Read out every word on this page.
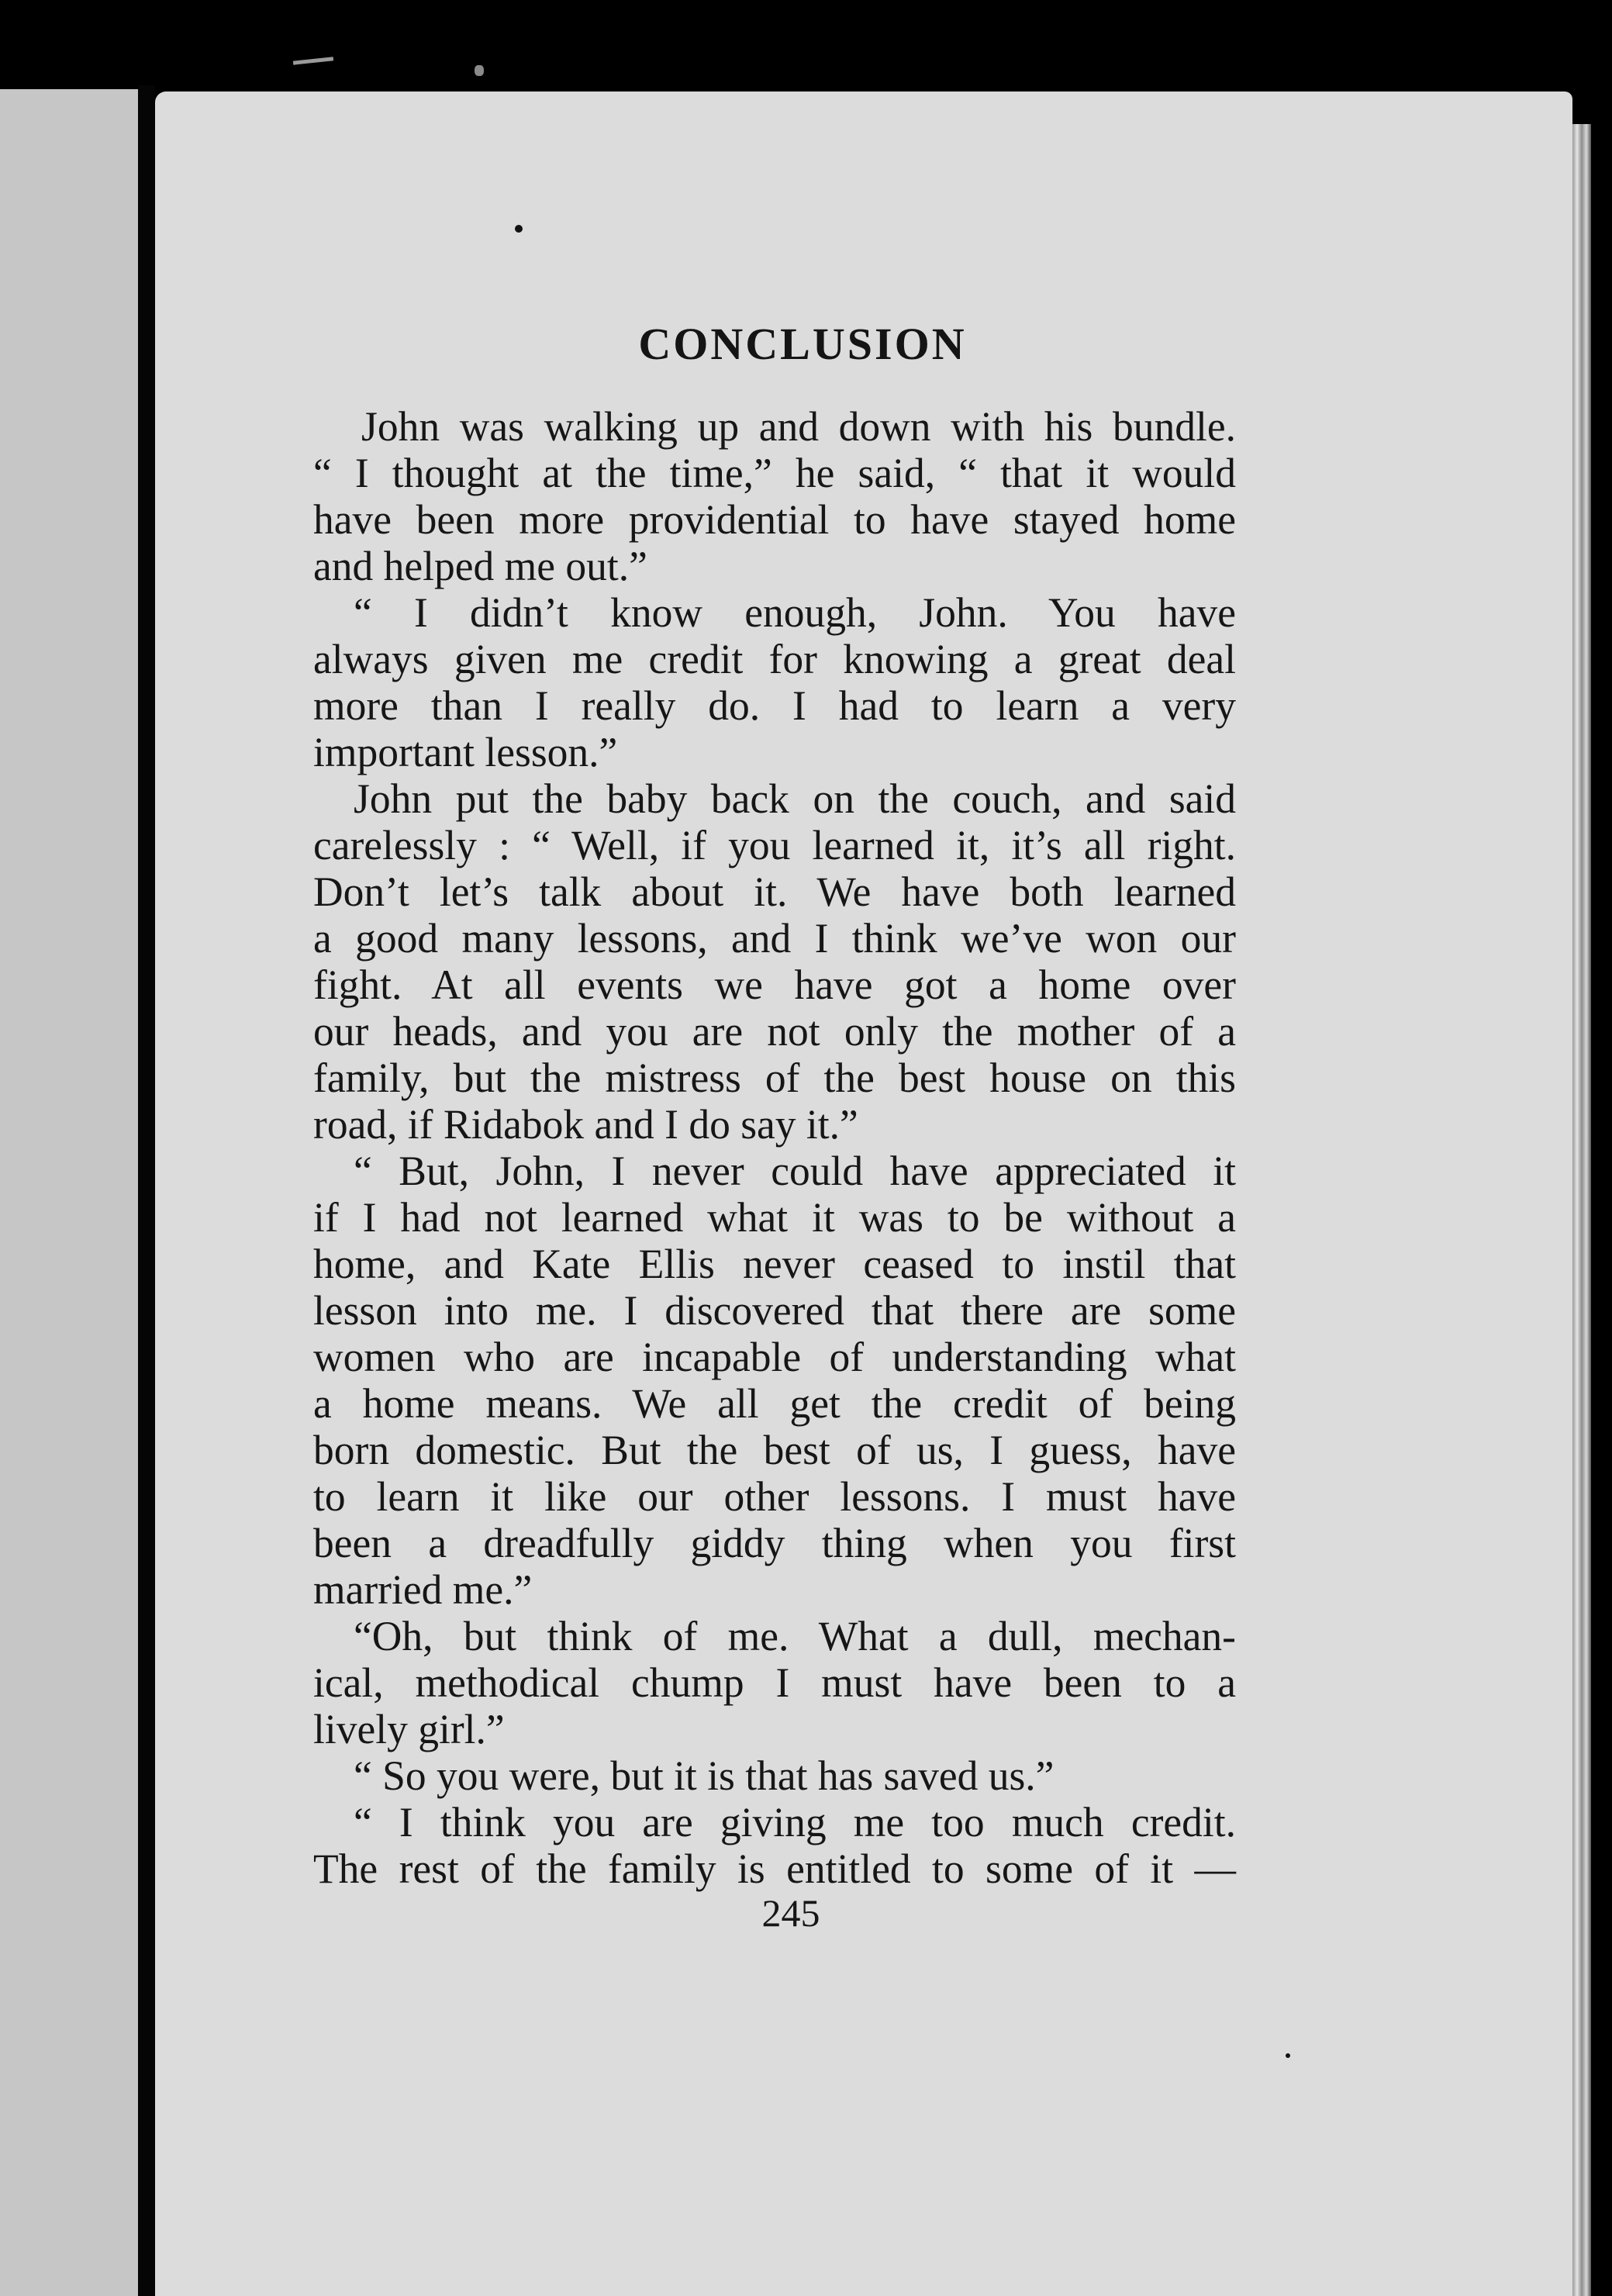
CONCLUSION
John was walking up and down with his bundle.
“ I thought at the time,” he said, “ that it would
have been more providential to have stayed home
and helped me out.”
“ I didn’t know enough, John. You have
always given me credit for knowing a great deal
more than I really do. I had to learn a very
important lesson.”
John put the baby back on the couch, and said
carelessly : “ Well, if you learned it, it’s all right.
Don’t let’s talk about it. We have both learned
a good many lessons, and I think we’ve won our
fight. At all events we have got a home over
our heads, and you are not only the mother of a
family, but the mistress of the best house on this
road, if Ridabok and I do say it.”
“ But, John, I never could have appreciated it
if I had not learned what it was to be without a
home, and Kate Ellis never ceased to instil that
lesson into me. I discovered that there are some
women who are incapable of understanding what
a home means. We all get the credit of being
born domestic. But the best of us, I guess, have
to learn it like our other lessons. I must have
been a dreadfully giddy thing when you first
married me.”
“Oh, but think of me. What a dull, mechan-
ical, methodical chump I must have been to a
lively girl.”
“ So you were, but it is that has saved us.”
“ I think you are giving me too much credit.
The rest of the family is entitled to some of it —
245
